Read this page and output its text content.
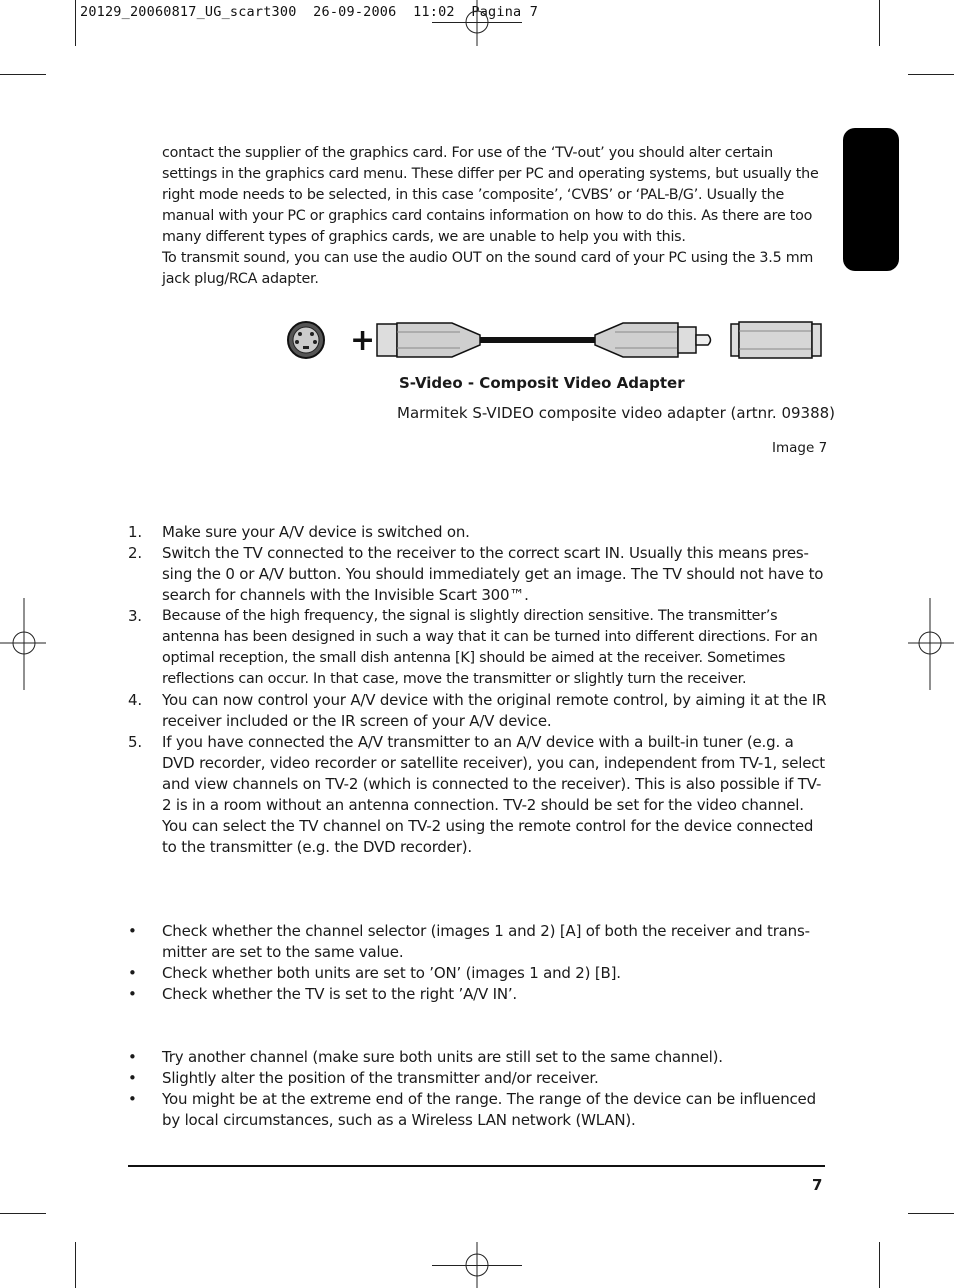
20129_20060817_UG_scart300  26-09-2006  11:02  Pagina 7

contact the supplier of the graphics card. For use of the ‘TV-out’ you should alter certain settings in the graphics card menu. These differ per PC and operating systems, but usually the right mode needs to be selected, in this case ’composite’, ‘CVBS’ or ‘PAL-B/G’. Usually the manual with your PC or graphics card contains information on how to do this. As there are too many different types of graphics cards, we are unable to help you with this.

To transmit sound, you can use the audio OUT on the sound card of your PC using the 3.5 mm jack plug/RCA adapter.

+
S-Video - Composit Video Adapter
Marmitek S-VIDEO composite video adapter (artnr. 09388)
Image 7
1.	Make sure your A/V device is switched on.
2.	Switch the TV connected to the receiver to the correct scart IN. Usually this means pres-sing the 0 or A/V button. You should immediately get an image. The TV should not have to search for channels with the Invisible Scart 300™.
3.	Because of the high frequency, the signal is slightly direction sensitive. The transmitter’s antenna has been designed in such a way that it can be turned into different directions. For an optimal reception, the small dish antenna [K] should be aimed at the receiver. Sometimes reflections can occur. In that case, move the transmitter or slightly turn the receiver.
4.	You can now control your A/V device with the original remote control, by aiming it at the IR receiver included or the IR screen of your A/V device.
5.	If you have connected the A/V transmitter to an A/V device with a built-in tuner (e.g. a DVD recorder, video recorder or satellite receiver), you can, independent from TV-1, select and view channels on TV-2 (which is connected to the receiver). This is also possible if TV-2 is in a room without an antenna connection. TV-2 should be set for the video channel. You can select the TV channel on TV-2 using the remote control for the device connected to the transmitter (e.g. the DVD recorder).
•	Check whether the channel selector (images 1 and 2) [A] of both the receiver and trans-mitter are set to the same value.
•	Check whether both units are set to ’ON’ (images 1 and 2) [B].
•	Check whether the TV is set to the right ’A/V IN’.
•	Try another channel (make sure both units are still set to the same channel).
•	Slightly alter the position of the transmitter and/or receiver.
•	You might be at the extreme end of the range. The range of the device can be influenced by local circumstances, such as a Wireless LAN network (WLAN).
7
